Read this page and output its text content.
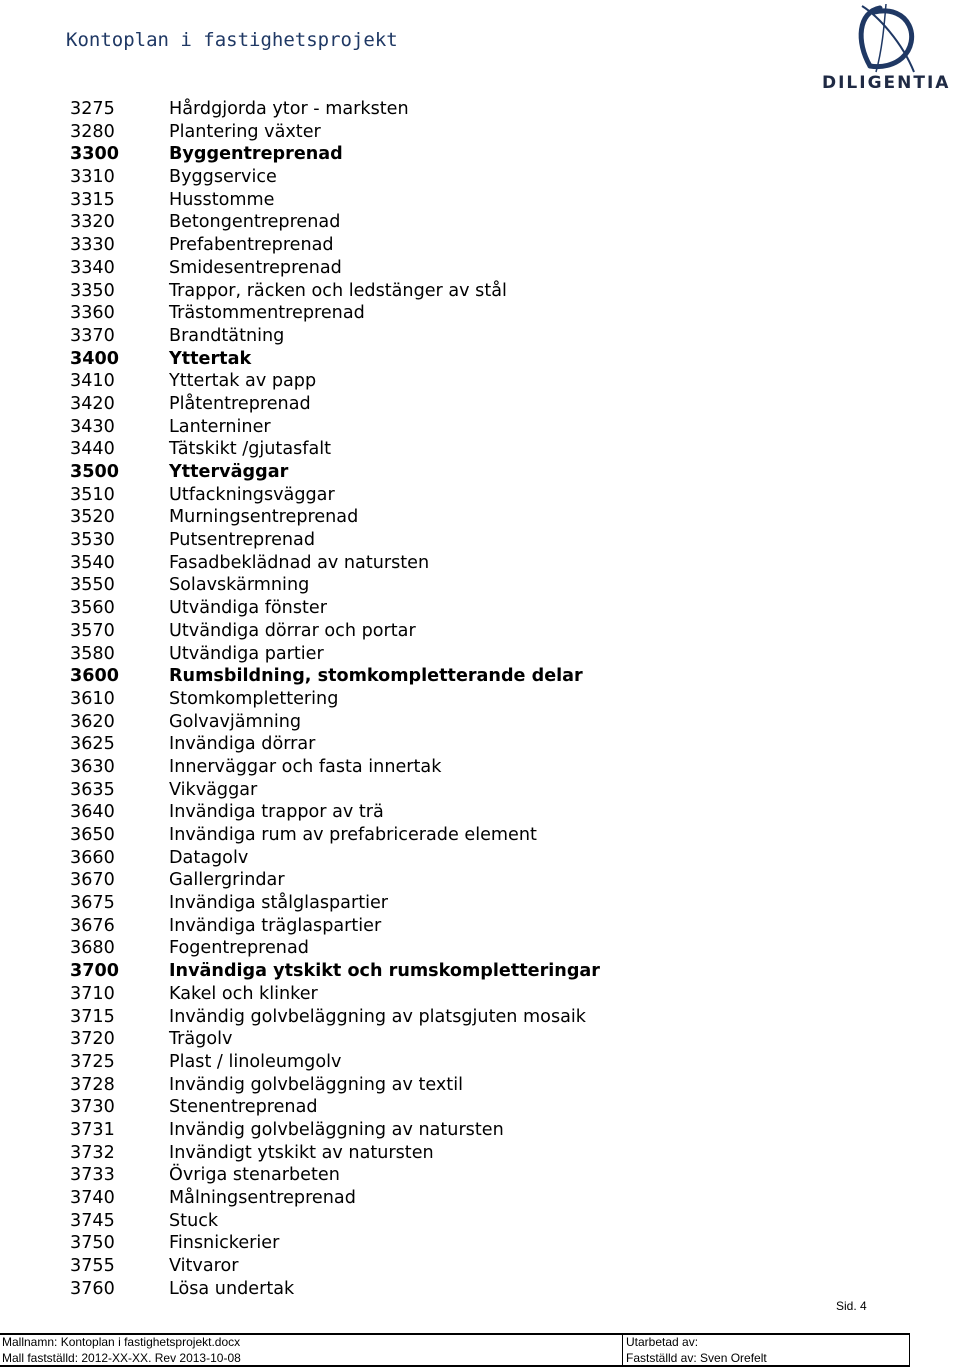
Kontoplan i fastighetsprojekt
DILIGENTIA
3275	Hårdgjorda ytor - marksten
3280	Plantering växter
3300	Byggentreprenad
3310	Byggservice
3315	Husstomme
3320	Betongentreprenad
3330	Prefabentreprenad
3340	Smidesentreprenad
3350	Trappor, räcken och ledstänger av stål
3360	Trästommentreprenad
3370	Brandtätning
3400	Yttertak
3410	Yttertak av papp
3420	Plåtentreprenad
3430	Lanterniner
3440	Tätskikt /gjutasfalt
3500	Ytterväggar
3510	Utfackningsväggar
3520	Murningsentreprenad
3530	Putsentreprenad
3540	Fasadbeklädnad av natursten
3550	Solavskärmning
3560	Utvändiga fönster
3570	Utvändiga dörrar och portar
3580	Utvändiga partier
3600	Rumsbildning, stomkompletterande delar
3610	Stomkomplettering
3620	Golvavjämning
3625	Invändiga dörrar
3630	Innerväggar och fasta innertak
3635	Vikväggar
3640	Invändiga trappor av trä
3650	Invändiga rum av prefabricerade element
3660	Datagolv
3670	Gallergrindar
3675	Invändiga stålglaspartier
3676	Invändiga träglaspartier
3680	Fogentreprenad
3700	Invändiga ytskikt och rumskompletteringar
3710	Kakel och klinker
3715	Invändig golvbeläggning av platsgjuten mosaik
3720	Trägolv
3725	Plast / linoleumgolv
3728	Invändig golvbeläggning av textil
3730	Stenentreprenad
3731	Invändig golvbeläggning av natursten
3732	Invändigt ytskikt av natursten
3733	Övriga stenarbeten
3740	Målningsentreprenad
3745	Stuck
3750	Finsnickerier
3755	Vitvaror
3760	Lösa undertak
Sid. 4
Mallnamn: Kontoplan i fastighetsprojekt.docx	Utarbetad av:
Mall fastställd: 2012-XX-XX. Rev 2013-10-08	Fastställd av: Sven Orefelt
